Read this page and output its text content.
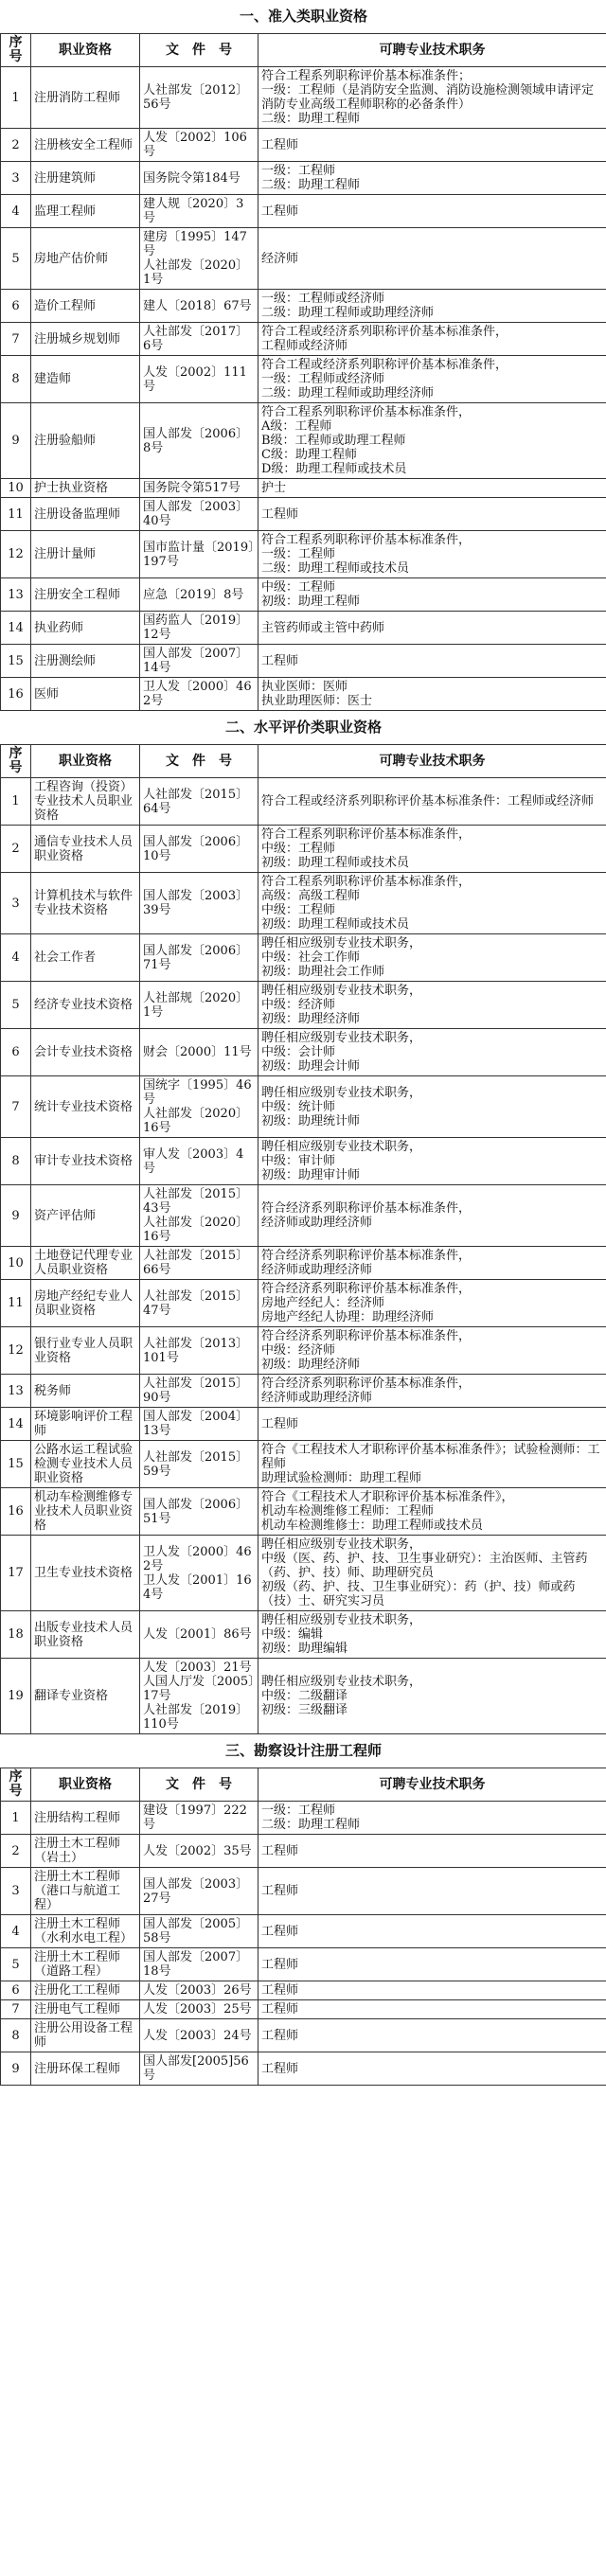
一、准入类职业资格			
序号	职业资格	文　件　号	可聘专业技术职务
1	注册消防工程师	人社部发〔2012〕56号	符合工程系列职称评价基本标准条件；
一级：工程师（是消防安全监测、消防设施检测领域申请评定消防专业高级工程师职称的必备条件）
二级：助理工程师
2	注册核安全工程师	人发〔2002〕106号	工程师
3	注册建筑师	国务院令第184号	一级：工程师
二级：助理工程师
4	监理工程师	建人规〔2020〕3号	工程师
5	房地产估价师	建房〔1995〕147号
人社部发〔2020〕1号	经济师
6	造价工程师	建人〔2018〕67号	一级：工程师或经济师
二级：助理工程师或助理经济师
7	注册城乡规划师	人社部发〔2017〕6号	符合工程或经济系列职称评价基本标准条件，
工程师或经济师
8	建造师	人发〔2002〕111号	符合工程或经济系列职称评价基本标准条件，
一级：工程师或经济师
二级：助理工程师或助理经济师
9	注册验船师	国人部发〔2006〕8号	符合工程系列职称评价基本标准条件，
A级：工程师
B级：工程师或助理工程师
C级：助理工程师
D级：助理工程师或技术员
10	护士执业资格	国务院令第517号	护士
11	注册设备监理师	国人部发〔2003〕40号	工程师
12	注册计量师	国市监计量〔2019〕197号	符合工程系列职称评价基本标准条件，
一级：工程师
二级：助理工程师或技术员
13	注册安全工程师	应急〔2019〕8号	中级：工程师
初级：助理工程师
14	执业药师	国药监人〔2019〕12号	主管药师或主管中药师
15	注册测绘师	国人部发〔2007〕14号	工程师
16	医师	卫人发〔2000〕462号	执业医师：医师
执业助理医师：医士
二、水平评价类职业资格			
序号	职业资格	文　件　号	可聘专业技术职务
1	工程咨询（投资）专业技术人员职业资格	人社部发〔2015〕64号	符合工程或经济系列职称评价基本标准条件：工程师或经济师
2	通信专业技术人员职业资格	国人部发〔2006〕10号	符合工程系列职称评价基本标准条件，
中级：工程师
初级：助理工程师或技术员
3	计算机技术与软件专业技术资格	国人部发〔2003〕39号	符合工程系列职称评价基本标准条件，
高级：高级工程师
中级：工程师
初级：助理工程师或技术员
4	社会工作者	国人部发〔2006〕71号	聘任相应级别专业技术职务，
中级：社会工作师
初级：助理社会工作师
5	经济专业技术资格	人社部规〔2020〕1号	聘任相应级别专业技术职务，
中级：经济师
初级：助理经济师
6	会计专业技术资格	财会〔2000〕11号	聘任相应级别专业技术职务，
中级：会计师
初级：助理会计师
7	统计专业技术资格	国统字〔1995〕46号
人社部发〔2020〕16号	聘任相应级别专业技术职务，
中级：统计师
初级：助理统计师
8	审计专业技术资格	审人发〔2003〕4号	聘任相应级别专业技术职务，
中级：审计师
初级：助理审计师
9	资产评估师	人社部发〔2015〕43号
人社部发〔2020〕16号	符合经济系列职称评价基本标准条件，
经济师或助理经济师
10	土地登记代理专业人员职业资格	人社部发〔2015〕66号	符合经济系列职称评价基本标准条件，
经济师或助理经济师
11	房地产经纪专业人员职业资格	人社部发〔2015〕47号	符合经济系列职称评价基本标准条件，
房地产经纪人：经济师
房地产经纪人协理：助理经济师
12	银行业专业人员职业资格	人社部发〔2013〕101号	符合经济系列职称评价基本标准条件，
中级：经济师
初级：助理经济师
13	税务师	人社部发〔2015〕90号	符合经济系列职称评价基本标准条件，
经济师或助理经济师
14	环境影响评价工程师	国人部发〔2004〕13号	工程师
15	公路水运工程试验检测专业技术人员职业资格	人社部发〔2015〕59号	符合《工程技术人才职称评价基本标准条件》；试验检测师：工程师
助理试验检测师：助理工程师
16	机动车检测维修专业技术人员职业资格	国人部发〔2006〕51号	符合《工程技术人才职称评价基本标准条件》，
机动车检测维修工程师：工程师
机动车检测维修士：助理工程师或技术员
17	卫生专业技术资格	卫人发〔2000〕462号
卫人发〔2001〕164号	聘任相应级别专业技术职务，
中级（医、药、护、技、卫生事业研究）：主治医师、主管药（药、护、技）师、助理研究员
初级（药、护、技、卫生事业研究）：药（护、技）师或药（技）士、研究实习员
18	出版专业技术人员职业资格	人发〔2001〕86号	聘任相应级别专业技术职务，
中级：编辑
初级：助理编辑
19	翻译专业资格	人发〔2003〕21号
人国人厅发〔2005〕17号
人社部发〔2019〕110号	聘任相应级别专业技术职务，
中级：二级翻译
初级：三级翻译
三、勘察设计注册工程师			
序号	职业资格	文　件　号	可聘专业技术职务
1	注册结构工程师	建设〔1997〕222号	一级：工程师
二级：助理工程师
2	注册土木工程师（岩土）	人发〔2002〕35号	工程师
3	注册土木工程师（港口与航道工程）	国人部发〔2003〕27号	工程师
4	注册土木工程师（水利水电工程）	国人部发〔2005〕58号	工程师
5	注册土木工程师（道路工程）	国人部发〔2007〕18号	工程师
6	注册化工工程师	人发〔2003〕26号	工程师
7	注册电气工程师	人发〔2003〕25号	工程师
8	注册公用设备工程师	人发〔2003〕24号	工程师
9	注册环保工程师	国人部发[2005]56号	工程师
